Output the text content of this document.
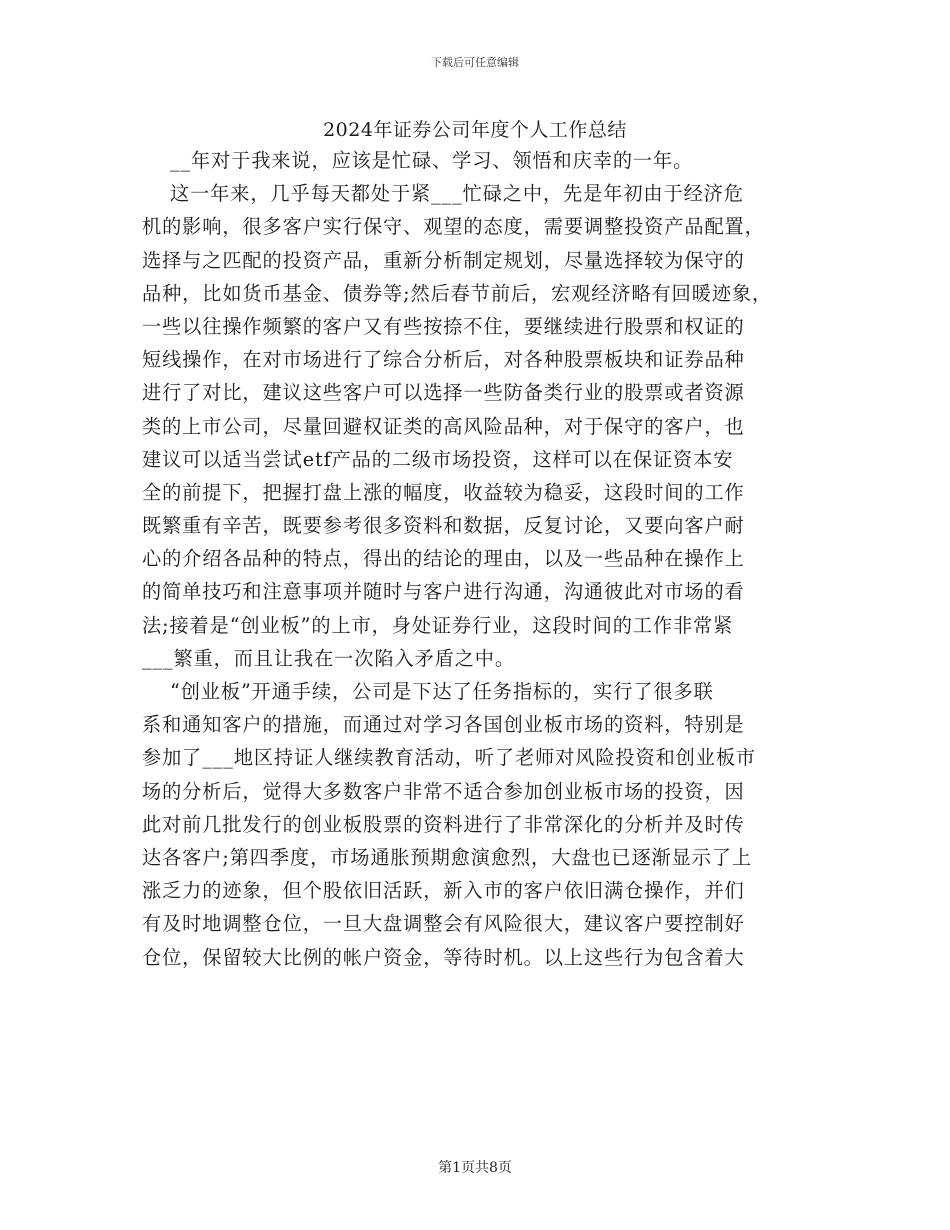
下载后可任意编辑
2024年证券公司年度个人工作总结
__年对于我来说，应该是忙碌、学习、领悟和庆幸的一年。
这一年来，几乎每天都处于紧___忙碌之中，先是年初由于经济危
机的影响，很多客户实行保守、观望的态度，需要调整投资产品配置，
选择与之匹配的投资产品，重新分析制定规划，尽量选择较为保守的
品种，比如货币基金、债券等;然后春节前后，宏观经济略有回暖迹象，
一些以往操作频繁的客户又有些按捺不住，要继续进行股票和权证的
短线操作，在对市场进行了综合分析后，对各种股票板块和证券品种
进行了对比，建议这些客户可以选择一些防备类行业的股票或者资源
类的上市公司，尽量回避权证类的高风险品种，对于保守的客户，也
建议可以适当尝试etf产品的二级市场投资，这样可以在保证资本安
全的前提下，把握打盘上涨的幅度，收益较为稳妥，这段时间的工作
既繁重有辛苦，既要参考很多资料和数据，反复讨论，又要向客户耐
心的介绍各品种的特点，得出的结论的理由，以及一些品种在操作上
的简单技巧和注意事项并随时与客户进行沟通，沟通彼此对市场的看
法;接着是“创业板”的上市，身处证券行业，这段时间的工作非常紧
___繁重，而且让我在一次陷入矛盾之中。
“创业板”开通手续，公司是下达了任务指标的，实行了很多联
系和通知客户的措施，而通过对学习各国创业板市场的资料，特别是
参加了___地区持证人继续教育活动，听了老师对风险投资和创业板市
场的分析后，觉得大多数客户非常不适合参加创业板市场的投资，因
此对前几批发行的创业板股票的资料进行了非常深化的分析并及时传
达各客户;第四季度，市场通胀预期愈演愈烈，大盘也已逐渐显示了上
涨乏力的迹象，但个股依旧活跃，新入市的客户依旧满仓操作，并们
有及时地调整仓位，一旦大盘调整会有风险很大，建议客户要控制好
仓位，保留较大比例的帐户资金，等待时机。以上这些行为包含着大
第1页共8页
